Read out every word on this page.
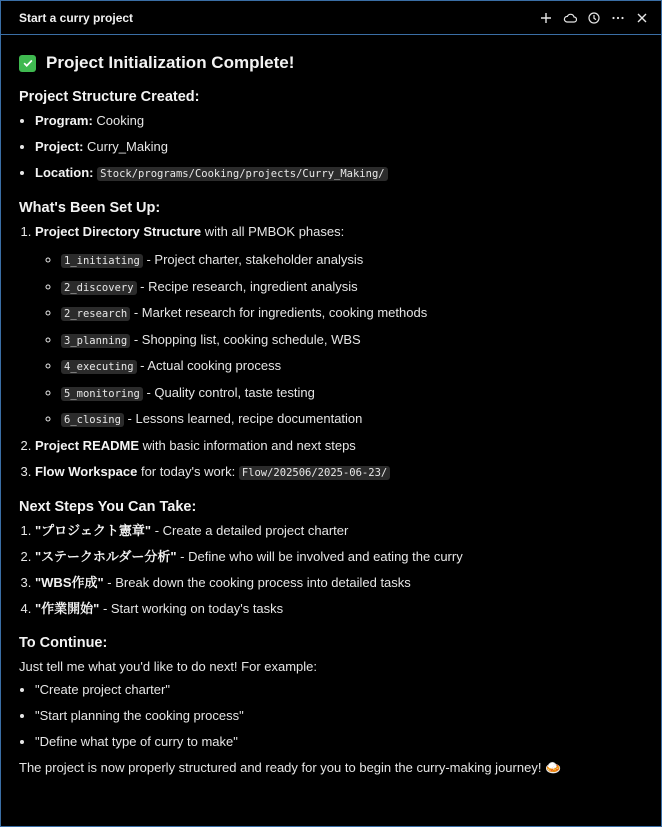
Start a curry project
Project Initialization Complete!
Project Structure Created:
• Program: Cooking
• Project: Curry_Making
• Location: Stock/programs/Cooking/projects/Curry_Making/
What's Been Set Up:
1. Project Directory Structure with all PMBOK phases:
◦ 1_initiating - Project charter, stakeholder analysis
◦ 2_discovery - Recipe research, ingredient analysis
◦ 2_research - Market research for ingredients, cooking methods
◦ 3_planning - Shopping list, cooking schedule, WBS
◦ 4_executing - Actual cooking process
◦ 5_monitoring - Quality control, taste testing
◦ 6_closing - Lessons learned, recipe documentation
2. Project README with basic information and next steps
3. Flow Workspace for today's work: Flow/202506/2025-06-23/
Next Steps You Can Take:
1. "プロジェクト憲章" - Create a detailed project charter
2. "ステークホルダー分析" - Define who will be involved and eating the curry
3. "WBS作成" - Break down the cooking process into detailed tasks
4. "作業開始" - Start working on today's tasks
To Continue:

Just tell me what you'd like to do next! For example:

• "Create project charter"
• "Start planning the cooking process"
• "Define what type of curry to make"

The project is now properly structured and ready for you to begin the curry-making journey! 🍛
